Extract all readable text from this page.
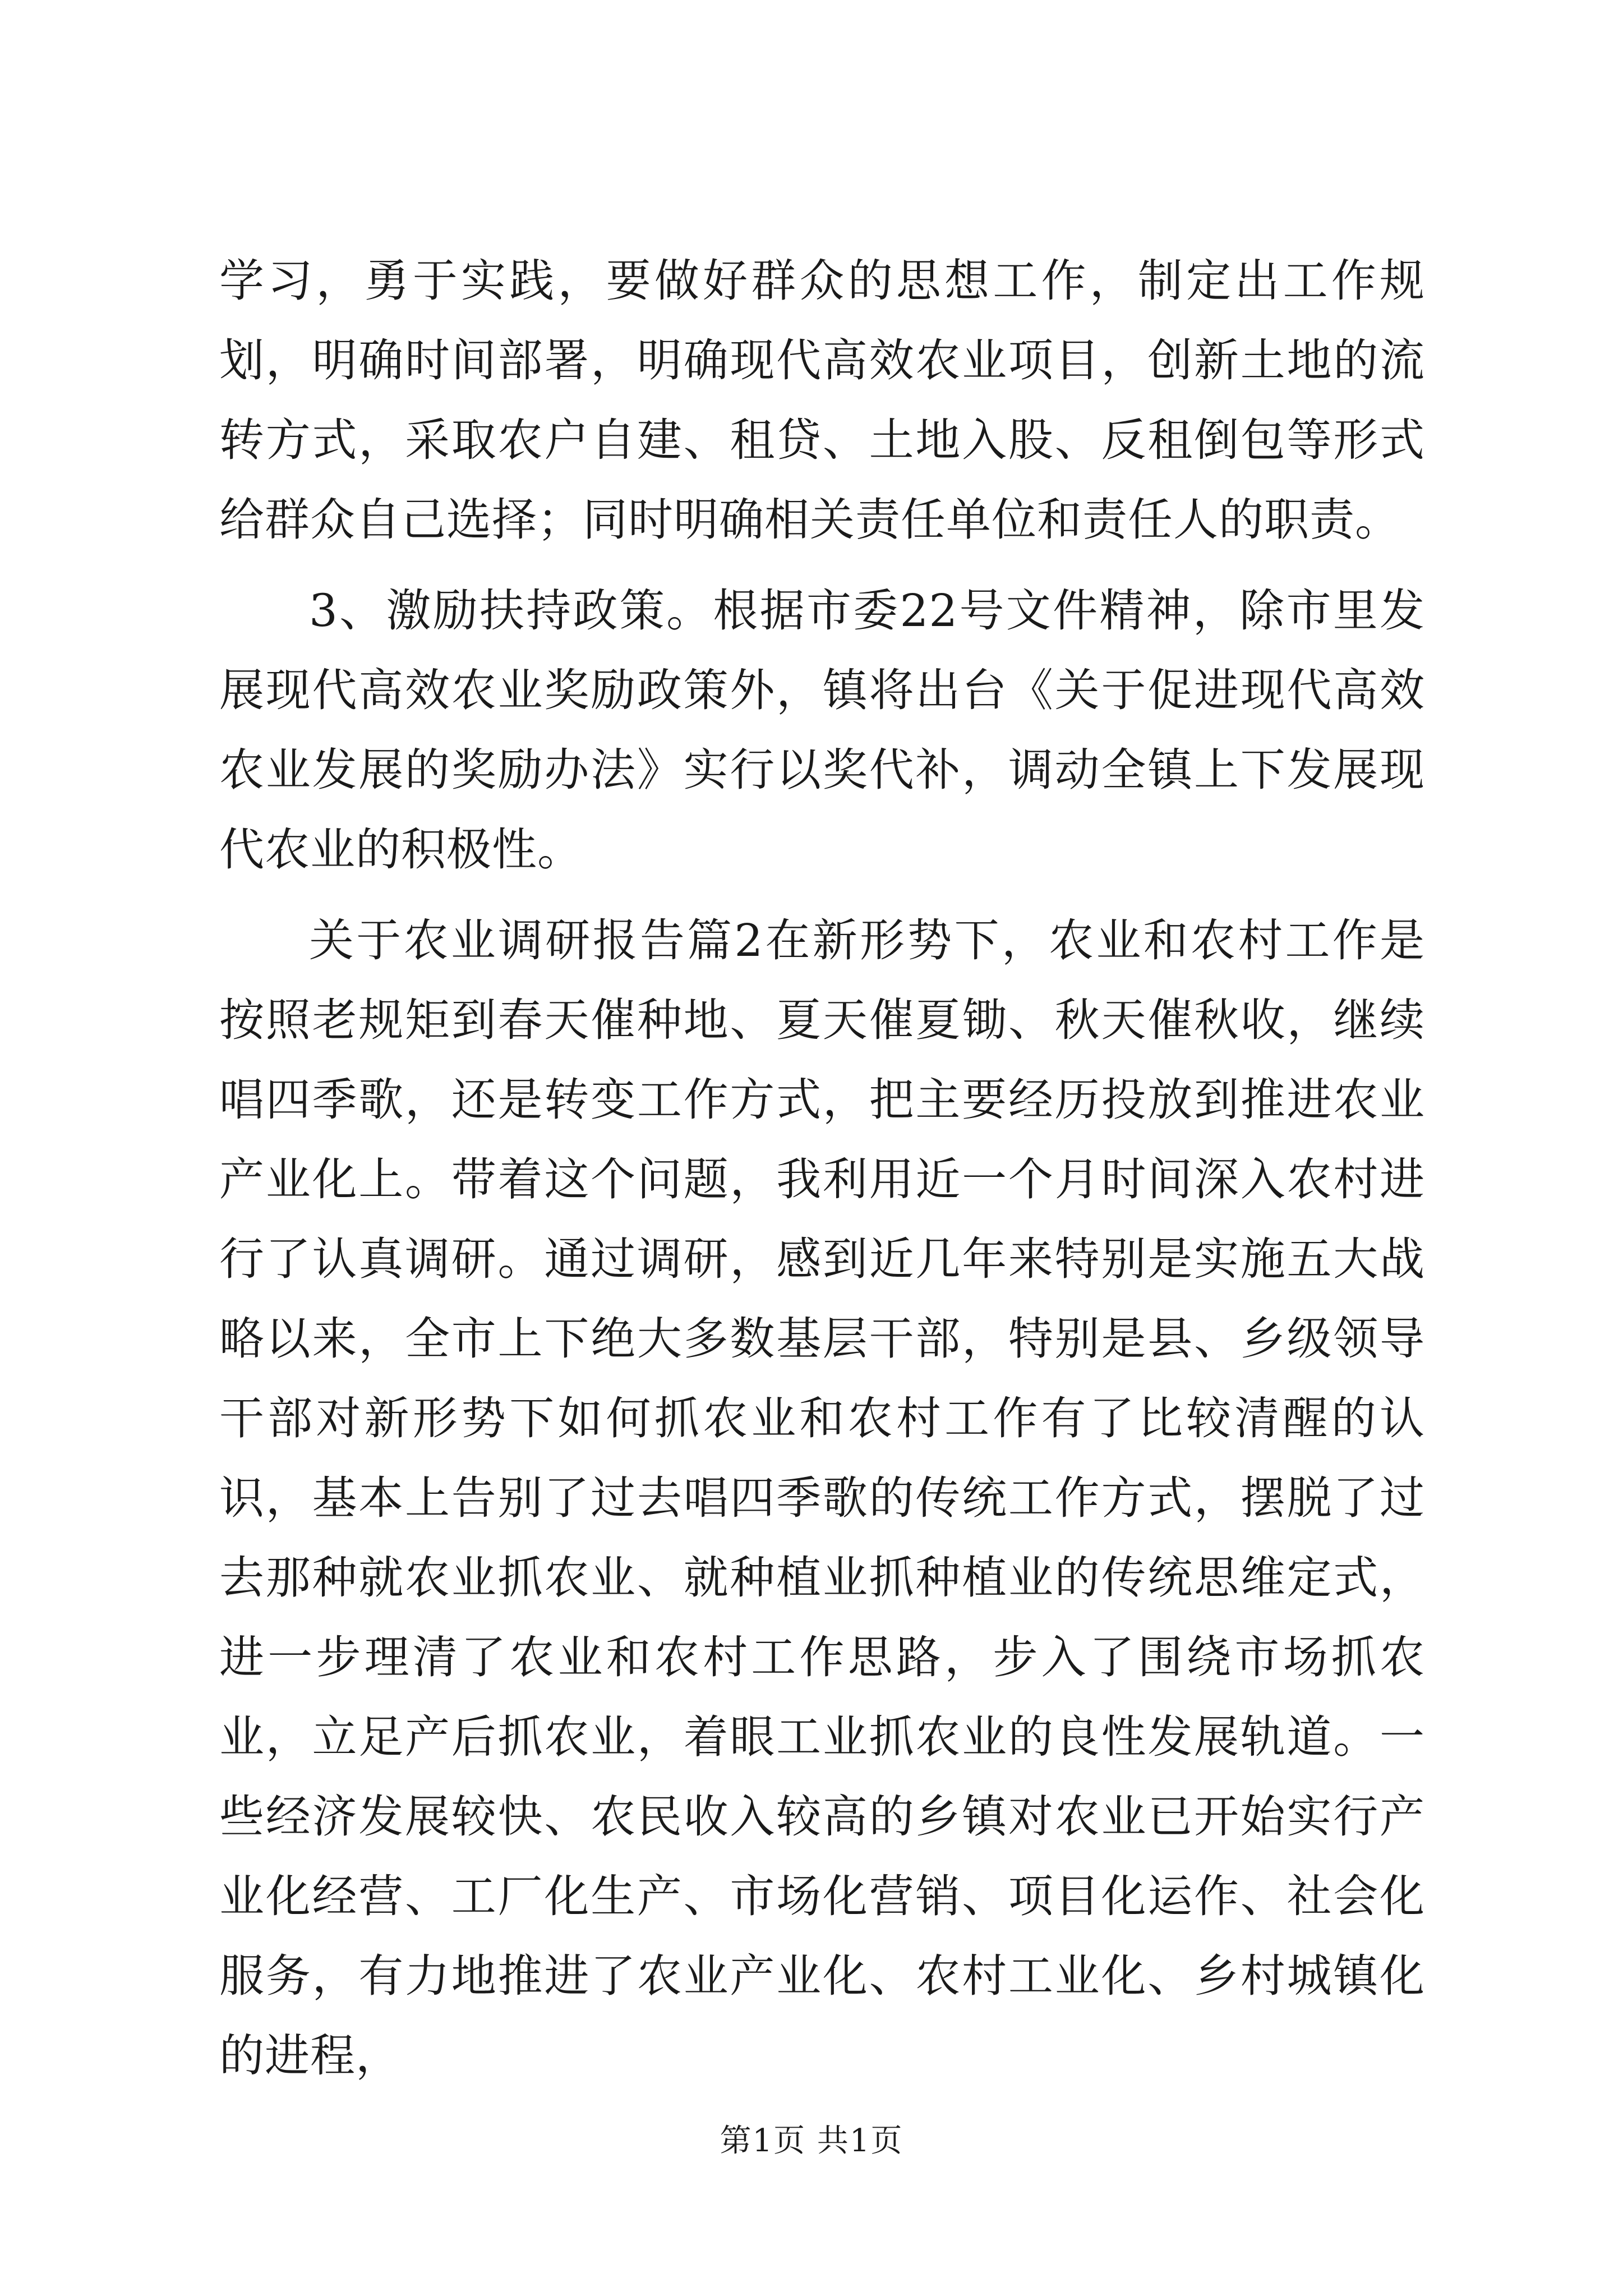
学习，勇于实践，要做好群众的思想工作，制定出工作规划，明确时间部署，明确现代高效农业项目，创新土地的流转方式，采取农户自建、租贷、土地入股、反租倒包等形式给群众自己选择；同时明确相关责任单位和责任人的职责。

3、激励扶持政策。根据市委22号文件精神，除市里发展现代高效农业奖励政策外，镇将出台《关于促进现代高效农业发展的奖励办法》实行以奖代补，调动全镇上下发展现代农业的积极性。

关于农业调研报告篇2在新形势下，农业和农村工作是按照老规矩到春天催种地、夏天催夏锄、秋天催秋收，继续唱四季歌，还是转变工作方式，把主要经历投放到推进农业产业化上。带着这个问题，我利用近一个月时间深入农村进行了认真调研。通过调研，感到近几年来特别是实施五大战略以来，全市上下绝大多数基层干部，特别是县、乡级领导干部对新形势下如何抓农业和农村工作有了比较清醒的认识，基本上告别了过去唱四季歌的传统工作方式，摆脱了过去那种就农业抓农业、就种植业抓种植业的传统思维定式，进一步理清了农业和农村工作思路，步入了围绕市场抓农业，立足产后抓农业，着眼工业抓农业的良性发展轨道。一些经济发展较快、农民收入较高的乡镇对农业已开始实行产业化经营、工厂化生产、市场化营销、项目化运作、社会化服务，有力地推进了农业产业化、农村工业化、乡村城镇化的进程，

第1页 共1页
